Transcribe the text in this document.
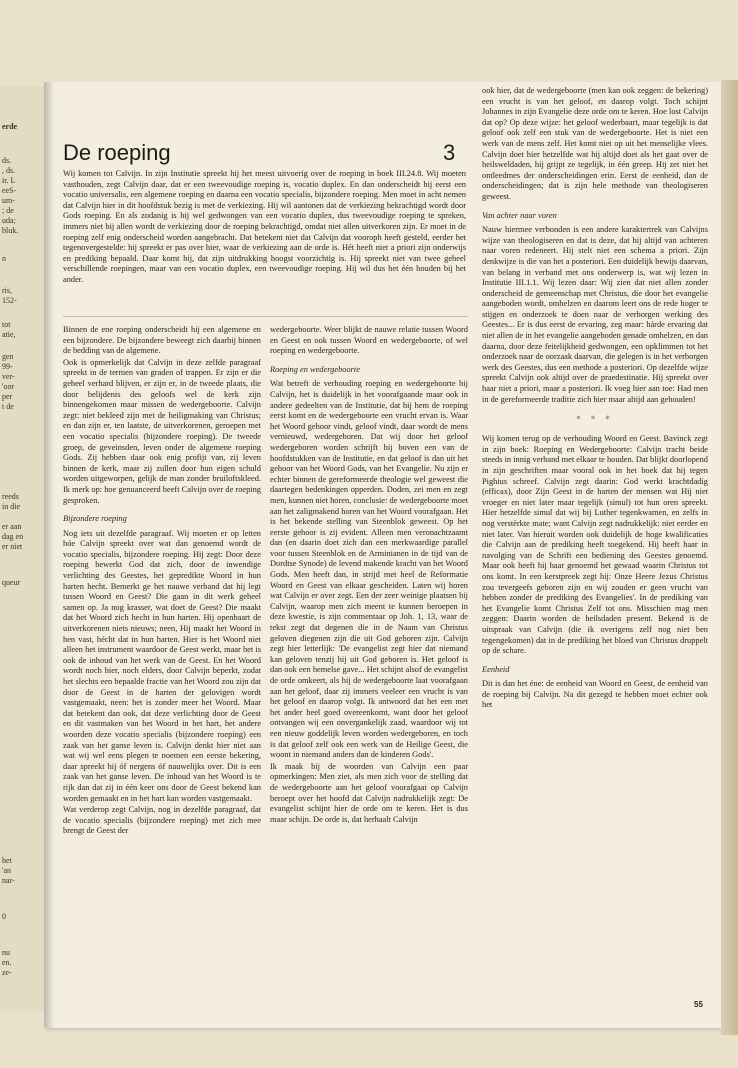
erde
ds.
, ds.
ir. L
eeS-
um-
; de
uda;
bluk.
n
ris,
152-
tot
atie,
gen
99-
ver-
'oor
per
t de
reeds
in die
er aan
dag en
er niet
queur
het
'an
nar-
0
nu
en.
ze-
De roeping	3

Wij komen tot Calvijn. In zijn Institutie spreekt hij het meest uitvoerig over de roeping in boek III.24.8. Wij moeten vasthouden, zegt Calvijn daar, dat er een tweevoudige roeping is, vocatio duplex. En dan onderscheidt hij eerst een vocatio universalis, een algemene roeping en daarna een vocatio specialis, bijzondere roeping. Men moet in acht nemen dat Calvijn hier in dit hoofdstuk bezig is met de verkiezing. Hij wil aantonen dat de verkiezing bekrachtigd wordt door Gods roeping. En als zodanig is hij wel gedwongen van een vocatio duplex, dus tweevoudige roeping te spreken, immers niet bij allen wordt de verkiezing door de roeping bekrachtigd, omdat niet allen uitverkoren zijn. Er moet in de roeping zelf enig onderscheid worden aangebracht. Dat betekent niet dat Calvijn dat vooroph heeft gesteld, eerder het tegenovergestelde: hij spreekt er pas over hier, waar de verkiezing aan de orde is. Hét heeft niet a priori zijn onderwijs en prediking bepaald. Daar komt bij, dat zijn uitdrukking hoogst voorzichtig is. Hij spreekt niet van twee geheel verschillende roepingen, maar van een vocatio duplex, een tweevoudige roeping. Hij wil dus het één houden bij het ander.

Binnen de ene roeping onderscheidt hij een algemene en een bijzondere. De bijzondere beweegt zich daarbij binnen de bedding van de algemene.

Ook is opmerkelijk dat Calvijn in deze zelfde paragraaf spreekt in de termen van graden of trappen. Er zijn er die geheel verhard blijven, er zijn er, in de tweede plaats, die door belijdenis des geloofs wel de kerk zijn binnengekomen maar missen de wedergeboorte. Calvijn zegt: niet bekleed zijn met de heiligmaking van Christus; en dan zijn er, ten laatste, de uitverkorenen, geroepen met een vocatio specialis (bijzondere roeping). De tweede groep, de geveinsden, leven onder de algemene roeping Gods. Zij hebben daar ook enig profijt van, zij leven binnen de kerk, maar zij zullen door hun eigen schuld worden uitgeworpen, gelijk de man zonder bruiloftskleed. Ik merk op: hoe genuanceerd heeft Calvijn over de roeping gesproken.

Bijzondere roeping

Nog iets uit dezelfde paragraaf. Wij moeten er op letten hóe Calvijn spreekt over wat dan genoemd wordt de vocatio specialis, bijzondere roeping. Hij zegt: Door deze roeping bewerkt God dat zich, door de inwendige verlichting des Geestes, het gepredikte Woord in hun harten hecht. Bemerkt ge het nauwe verband dat hij legt tussen Woord en Geest? Die gaan in dit werk geheel samen op. Ja nog krasser, wat doet de Geest? Die maakt dat het Woord zich hecht in hun harten. Hij openbaart de uitverkorenen niets nieuws; neen, Hij maakt het Woord in hen vast, hécht dat in hun harten. Hier is het Woord niet alleen het instrument waardoor de Geest werkt, maar het is ook de inhoud van het werk van de Geest. En het Woord wordt noch hier, noch elders, door Calvijn beperkt, zodat het slechts een bepaalde fractie van het Woord zou zijn dat door de Geest in de harten der gelovigen wordt vastgemaakt, neen: het is zonder meer het Woord. Maar dat betekent dan ook, dat deze verlichting door de Geest en dit vastmaken van het Woord in het hart, het andere woorden deze vocatio specialis (bijzondere roeping) een zaak van het ganse leven is. Calvijn denkt hier niet aan wat wij wel eens plegen te noemen een eerste bekering, daar spreekt hij óf nergens óf nauwelijks over. Dit is een zaak van het ganse leven. De inhoud van het Woord is te rijk dan dat zij in één keer ons door de Geest bekend kan worden gemaakt en in het hart kan worden vastgemaakt.

Wat verderop zegt Calvijn, nog in dezelfde paragraaf, dat de vocatio specialis (bijzondere roeping) met zich mee brengt de Geest der

wedergeboorte. Weer blijkt de nauwe relatie tussen Woord en Geest en ook tussen Woord en wedergeboorte, of wel roeping en wedergeboorte.

Roeping en wedergeboorte

Wat betreft de verhouding roeping en wedergeboorte bij Calvijn, het is duidelijk in het voorafgaande maar ook in andere gedeelten van de Institutie, dat bij hem de roeping eerst komt en de wedergeboorte een vrucht ervan is. Waar het Woord gehoor vindt, geloof vindt, daar wordt de mens vernieuwd, wedergeboren. Dat wij door het geloof wedergeboren worden schrijft hij boven een van de hoofdstukken van de Institutie, en dat geloof is dan uit het gehoor van het Woord Gods, van het Evangelie. Nu zijn er echter binnen de gereformeerde theologie wel geweest die daartegen bedenkingen opperden. Doden, zei men en zegt men, kunnen niet horen, conclusie: de wedergeboorte moet aan het zaligmakend horen van het Woord voorafgaan. Het is het bekende stelling van Steenblok geweest. Op het eerste gehoor is zij evident. Alleen men veronachtzaamt dan (en daarin doet zich dan een merkwaardige parallel voor tussen Steenblok en de Arminianen in de tijd van de Dordtse Synode) de levend makende kracht van het Woord Gods. Men heeft dan, in strijd met heel de Reformatie Woord en Geest van elkaar gescheiden. Laten wij horen wat Calvijn er over zegt. Een der zeer weinige plaatsen bij Calvijn, waarop men zich meent te kunnen beroepen in deze kwestie, is zijn commentaar op Joh. 1, 13, waar de tekst zegt dat degenen die in de Naam van Christus geloven diegenen zijn die uit God geboren zijn. Calvijn zegt hier letterlijk: 'De evangelist zegt hier dat niemand kan geloven tenzij hij uit God geboren is. Het geloof is dan ook een hemelse gave... Het schijnt alsof de evangelist de orde omkeert, als hij de wedergeboorte laat voorafgaan aan het geloof, daar zij immers veeleer een vrucht is van het geloof en daarop volgt. Ik antwoord dat het een met het ander heel goed overeenkomt, want door het geloof ontvangen wij een onvergankelijk zaad, waardoor wij tot een nieuw goddelijk leven worden wedergeboren, en toch is dat geloof zelf ook een werk van de Heilige Geest, die woont in niemand anders dan de kinderen Gods'.

Ik maak bij de woorden van Calvijn een paar opmerkingen: Men ziet, als men zich voor de stelling dat de wedergeboorte aan het geloof voorafgaat op Calvijn beroept over het hoofd dat Calvijn nadrukkelijk zegt: De evangelist schijnt hier de orde om te keren. Het is dus maar schijn. De orde is, dat herhaalt Calvijn

ook hier, dat de wedergeboorte (men kan ook zeggen: de bekering) een vrucht is van het geloof, en daarop volgt. Toch schijnt Johannes in zijn Evangelie deze orde om te keren. Hoe lost Calvijn dat op? Op deze wijze: het geloof wederbaart, maar tegelijk is dat geloof ook zelf een stuk van de wedergeboorte. Het is niet een werk van de mens zelf. Het komt niet op uit het menselijke vlees. Calvijn doet hier hetzelfde wat hij altijd doet als het gaat over de heilsweldaden, hij grijpt ze tegelijk, in één greep. Hij zet niet het ontleedmes der onderscheidingen erin. Eerst de eenheid, dan de onderscheidingen; dat is zijn hele methode van theologiseren geweest.

Van achter naar voren

Nauw hiermee verbonden is een andere karaktertrek van Calvijns wijze van theologiseren en dat is deze, dat hij altijd van achteren naar voren redeneert. Hij stelt niet een schema a priori. Zijn denkwijze is die van het a posteriori. Een duidelijk bewijs daarvan, van belang in verband met ons onderwerp is, wat wij lezen in Institutie III.1.1. Wij lezen daar: Wij zien dat niet allen zonder onderscheid de gemeenschap met Christus, die door het evangelie aangeboden wordt, omhelzen en daarom leert ons de rede hoger te stijgen en onderzoek te doen naar de verborgen werking des Geestes... Er is dus eerst de ervaring, zeg maar: hárde ervaring dat niet allen de in het evangelie aangeboden genade omhelzen, en dan daarna, door deze feitelijkheid gedwongen, een opklimmen tot het onderzoek naar de oorzaak daarvan, die gelegen is in het verborgen werk des Geestes, dus een methode a posteriori. Op dezelfde wijze spreekt Calvijn ook altijd over de praedestinatie. Hij spreekt over haar niet a priori, maar a posteriori. Ik voeg hier aan toe: Had men in de gereformeerde traditie zich hier maar altijd aan gehouden!

* * *

Wij komen terug op de verhouding Woord en Geest. Bavinck zegt in zijn boek: Roeping en Wedergeboorte: Calvijn tracht beide steeds in innig verband met elkaar te houden. Dat blijkt doorlopend in zijn geschriften maar vooral ook in het boek dat hij tegen Pighius schreef. Calvijn zegt daarin: God werkt krachtdadig (efficax), door Zijn Geest in de harten der mensen wat Hij niet vroeger en niet later maar tegelijk (simul) tot hun oren spreekt. Hier hetzelfde simul dat wij bij Luther tegenkwamen, en zelfs in nog verstèrkte mate; want Calvijn zegt nadrukkelijk: niet eerder en niet later. Van hieruit worden ook duidelijk de hoge kwalificaties die Calvijn aan de prediking heeft toegekend. Hij heeft haar in navolging van de Schrift een bediening des Geestes genoemd. Maar ook heeft hij haar genoemd het gewaad waarin Christus tot ons komt. In een kerstpreek zegt hij: Onze Heere Jezus Christus zou tevergeefs geboren zijn en wij zouden er geen vrucht van hebben zonder de prediking des Evangelies'. In de prediking van het Evangelie komt Christus Zelf tot ons. Misschien mag men zeggen: Daarin worden de heilsdaden present. Bekend is de uitspraak van Calvijn (die ik overigens zelf nog niet ben tegengekomen) dat in de prediking het bloed van Christus druppelt op de schare.

Eenheid

Dit is dan het éne: de eenheid van Woord en Geest, de eenheid van de roeping bij Calvijn. Na dit gezegd te hebben moet echter ook het

55
